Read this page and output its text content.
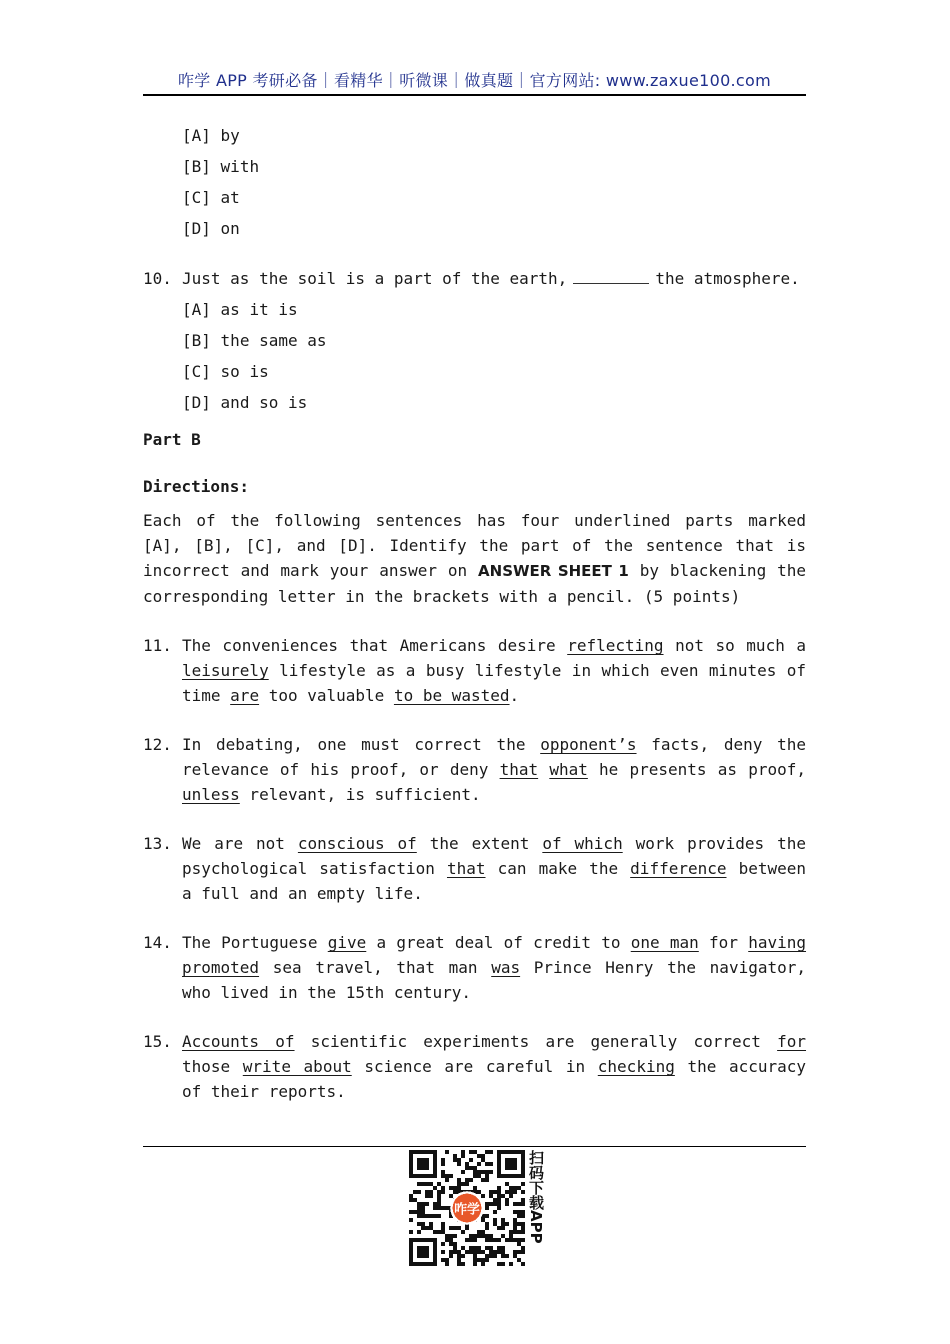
咋学 APP 考研必备｜看精华｜听微课｜做真题｜官方网站: www.zaxue100.com
[A] by
[B] with
[C] at
[D] on
10. Just as the soil is a part of the earth,	the atmosphere.
[A] as it is
[B] the same as
[C] so is
[D] and so is
Part B
Directions:
Each of the following sentences has four underlined parts marked [A], [B], [C], and [D]. Identify the part of the sentence that is incorrect and mark your answer on ANSWER SHEET 1 by blackening the corresponding letter in the brackets with a pencil. (5 points)
11. The conveniences that Americans desire reflecting not so much a leisurely lifestyle as a busy lifestyle in which even minutes of time are too valuable to be wasted.
12. In debating, one must correct the opponent’s facts, deny the relevance of his proof, or deny that what he presents as proof, unless relevant, is sufficient.
13. We are not conscious of the extent of which work provides the psychological satisfaction that can make the difference between a full and an empty life.
14. The Portuguese give a great deal of credit to one man for having promoted sea travel, that man was Prince Henry the navigator, who lived in the 15th century.
15. Accounts of scientific experiments are generally correct for those write about science are careful in checking the accuracy of their reports.
咋学	扫码下载APP
